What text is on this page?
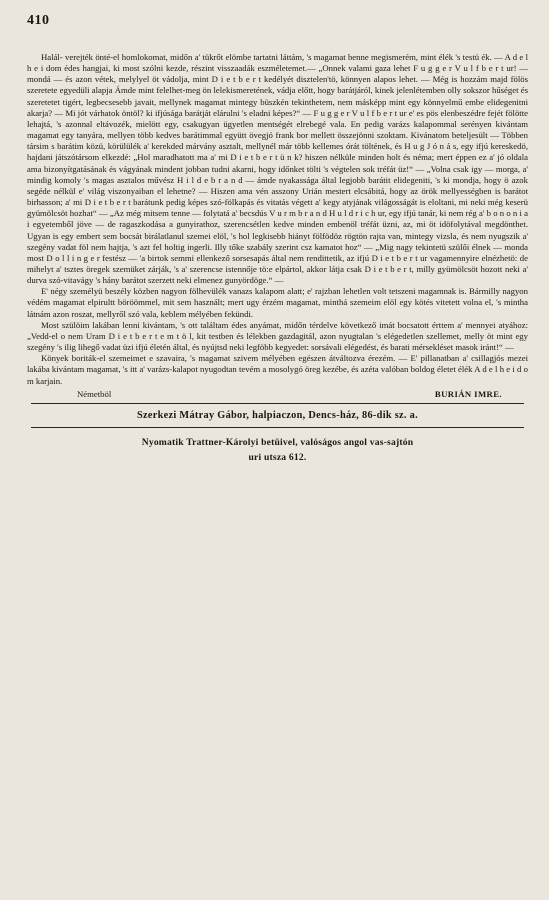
410

Halál- verejték önté-el homlokomat, midőn a' tükrőt elömbe tartatni láttám, 's magamat benne megismerém, mint élék 's testü ék. — A d e l h e i dom édes hangjai, ki most szólni kezde, részint visszaadák eszméletemet.— „Onnek valami gaza lehet F u g g e r V u l f b e r t ur! — mondá — és azon vétek, melylyel öt vádolja, mint D i e t b e r t kedélyét disztelen'tö, könnyen alapos lehet. — Még is hozzám majd fölös szeretete egyedüli alapja Ámde mint felelhet-meg ön lelekismeretének, vádja előtt, hogy barátjáról, kinek jelenlétemben olly sokszor hűséget és szeretetet tigért, legbecsesebb javait, mellynek magamat mintegy büszkén tekinthetem, nem másképp mint egy könnyelmű embe elidegenitni akarja? — Mi jót várhatok öntöl? ki ifjúsága barátját elárulni 's eladni képes?“ — F u g g e r V u l f b e r t ur e' es pös elenbeszédre fejét fölötte lehajtá, 's azonnal eltávozék, mielött egy, csakugyan ügyetlen mentségét elrebegé vala. En pedig varázs kalapommal serényen kivántam magamat egy tanyára, mellyen több kedves barátimmal együtt övegjó frank bor mellett összejönni szoktam. Kivánatom beteljesült — Többen társim s barátim közü, körülülék a' kerekded márvány asztalt, mellynél már több kellemes órát töltének, és H u g J ó n á s, egy ifjú kereskedö, hajdani játszótársom elkezdé: „Hol maradhatott ma a' mi D i e t b e r t ü n k? hiszen nélküle minden holt és néma; mert éppen ez a' jó oldala ama bizonyítgatásának és vágyának mindent jobban tudni akarni, hogy időnket tölti 's végtelen sok tréfát üz!“ — „Volna csak igy — morga, a' mindig komoly 's magas asztalos művész H i l d e b r a n d — ámde nyakassága által legjobb barátit elidegeniti, 's ki mondja, hogy ö azok segéde nélkül e' világ viszonyaiban el lehetne? — Hiszen ama vén asszony Urián mestert elcsábitá, hogy az örök mellyességben is barátot birhasson; a' mi D i e t b e r t barátunk pedig képes szó-fölkapás és vitatás végett a' kegy atyjának világosságát is eloltani, mi neki még keserü gyümölcsöt hozhat“ — „Az még mitsem tenne — folytatá a' becsdús V u r m b r a n d H u l d r i c h ur, egy ifjú tanár, ki nem rég a' b o n o n i a i egyetemből jöve — de ragaszkodása a gunyirathoz, szerencsétlen kedve minden embenöl tréfát üzni, az, mi öt idöfolytával megdönthet. Ugyan is egy embert sem bocsát birálatlanul szemei elöl, 's hol legkisebb hiányt fölfödöz rögtön rajta van, mintegy vizsla, és nem nyugszik a' szegény vadat föl nem hajtja, 's azt fel holtig ingerli. Illy tőke szabály szerint csz kamatot hoz“ — „Mig nagy tekintetü szülői élnek — monda most D o l l i n g e r festész — 'a birtok semmi ellenkező sorsesapás által nem rendittetik, az ifjú D i e t b e r t ur vagamennyire elnézhetö: de mihelyt a' tsztes öregek szemüket zárják, 's a' szerencse istennője tö:e elpártol, akkor látja csak D i e t b e r t, milly gyümölcsöt hozott neki a' durva szó-vitavágy 's hány barátot szerzett neki elmenez gunyördöge.“ —

E' négy személyü beszély közben nagyon fölhevülék vanazs kalapom alatt; e' rajzban lehetlen volt tetszeni magamnak is. Bármilly nagyon védém magamat elpirultt böröömmel, mit sem használt; mert ugy érzém magamat, minthá szemeim elöl egy kötés vitetett volna el, 's mintha látnám azon roszat, mellyről szó vala, keblem mélyében fekündi.

Most szülöim lakában lenni kivántam, 's ott találtam édes anyámat, midőn térdelve következő imát bocsatott érttem a' mennyei atyához: „Vedd-el o nem Uram D i e t b e r t e m t ö l, kit testben és lélekben gazdagitál, azon nyugtalan 's elégedetlen szellemet, melly öt mint egy szegény 's ilig lihegő vadat üzi ifjú életén által, és nyújtsd neki legföbb kegyedet: sorsávali elégedést, és barati mérsekléset masok iránt!“ —

Könyek boriták-el szemeimet e szavaira, 's magamat szivem mélyében egészen átváltozva érezém. — E' pillanatban a' csillagjós mezei lakába kivántam magamat, 's itt a' varázs-kalapot nyugodtan tevém a mosolygó öreg kezébe, és azéta valóban boldog életet élék A d e l h e i d o m karjain.

Németböl	BURIÁN IMRE.
Szerkezi Mátray Gábor, halpiaczon, Dencs-ház, 86-dik sz. a.
Nyomatik Trattner-Károlyi betüivel, valóságos angol vas-sajtón
uri utsza 612.
